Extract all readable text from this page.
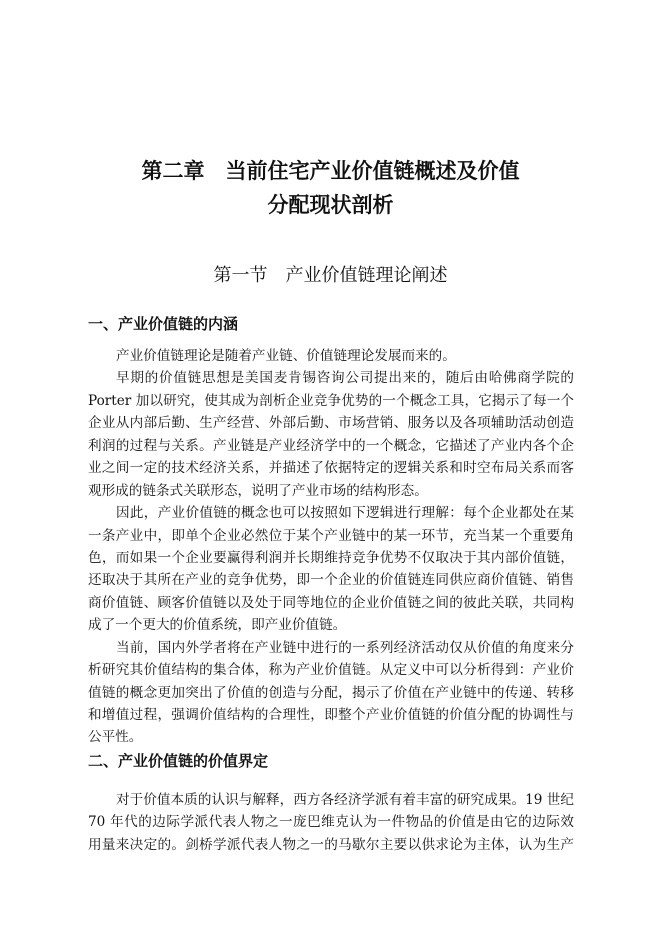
第二章　当前住宅产业价值链概述及价值
分配现状剖析
第一节　产业价值链理论阐述
一、产业价值链的内涵
产业价值链理论是随着产业链、价值链理论发展而来的。
早期的价值链思想是美国麦肯锡咨询公司提出来的，随后由哈佛商学院的
Porter 加以研究，使其成为剖析企业竞争优势的一个概念工具，它揭示了每一个
企业从内部后勤、生产经营、外部后勤、市场营销、服务以及各项辅助活动创造
利润的过程与关系。产业链是产业经济学中的一个概念，它描述了产业内各个企
业之间一定的技术经济关系，并描述了依据特定的逻辑关系和时空布局关系而客
观形成的链条式关联形态，说明了产业市场的结构形态。
因此，产业价值链的概念也可以按照如下逻辑进行理解：每个企业都处在某
一条产业中，即单个企业必然位于某个产业链中的某一环节，充当某一个重要角
色，而如果一个企业要赢得利润并长期维持竞争优势不仅取决于其内部价值链，
还取决于其所在产业的竞争优势，即一个企业的价值链连同供应商价值链、销售
商价值链、顾客价值链以及处于同等地位的企业价值链之间的彼此关联，共同构
成了一个更大的价值系统，即产业价值链。
当前，国内外学者将在产业链中进行的一系列经济活动仅从价值的角度来分
析研究其价值结构的集合体，称为产业价值链。从定义中可以分析得到：产业价
值链的概念更加突出了价值的创造与分配，揭示了价值在产业链中的传递、转移
和增值过程，强调价值结构的合理性，即整个产业价值链的价值分配的协调性与
公平性。
二、产业价值链的价值界定
对于价值本质的认识与解释，西方各经济学派有着丰富的研究成果。19 世纪
70 年代的边际学派代表人物之一庞巴维克认为一件物品的价值是由它的边际效
用量来决定的。剑桥学派代表人物之一的马歇尔主要以供求论为主体，认为生产
